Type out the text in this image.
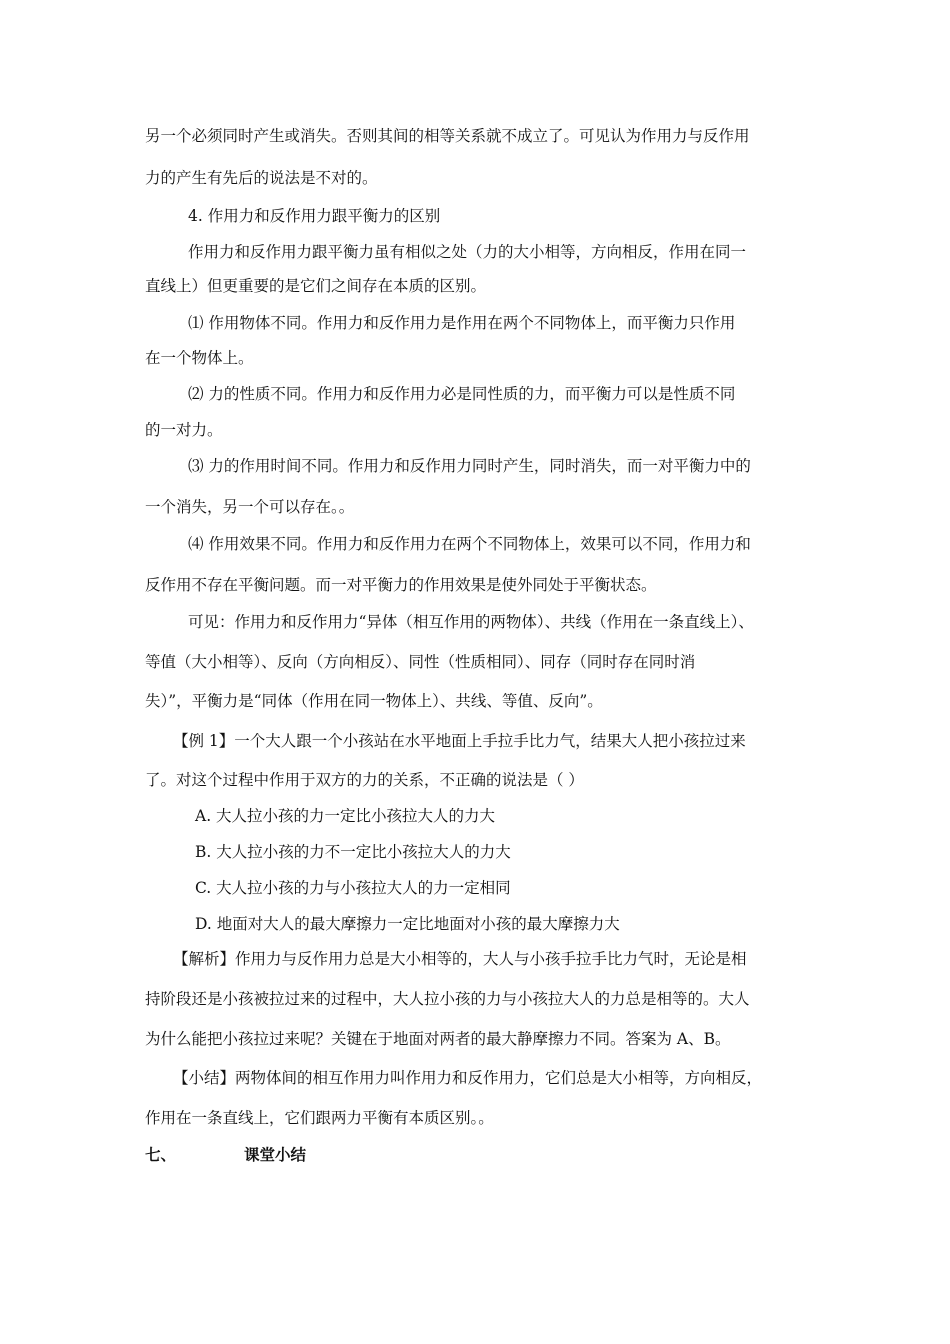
另一个必须同时产生或消失。否则其间的相等关系就不成立了。可见认为作用力与反作用
力的产生有先后的说法是不对的。
4. 作用力和反作用力跟平衡力的区别
作用力和反作用力跟平衡力虽有相似之处（力的大小相等，方向相反，作用在同一
直线上）但更重要的是它们之间存在本质的区别。
⑴ 作用物体不同。作用力和反作用力是作用在两个不同物体上，而平衡力只作用
在一个物体上。
⑵ 力的性质不同。作用力和反作用力必是同性质的力，而平衡力可以是性质不同
的一对力。
⑶ 力的作用时间不同。作用力和反作用力同时产生，同时消失，而一对平衡力中的
一个消失，另一个可以存在。。
⑷ 作用效果不同。作用力和反作用力在两个不同物体上，效果可以不同，作用力和
反作用不存在平衡问题。而一对平衡力的作用效果是使外同处于平衡状态。
可见：作用力和反作用力“异体（相互作用的两物体）、共线（作用在一条直线上）、
等值（大小相等）、反向（方向相反）、同性（性质相同）、同存（同时存在同时消
失）”，平衡力是“同体（作用在同一物体上）、共线、等值、反向”。
【例 1】一个大人跟一个小孩站在水平地面上手拉手比力气，结果大人把小孩拉过来
了。对这个过程中作用于双方的力的关系，不正确的说法是（ ）
A. 大人拉小孩的力一定比小孩拉大人的力大
B. 大人拉小孩的力不一定比小孩拉大人的力大
C. 大人拉小孩的力与小孩拉大人的力一定相同
D. 地面对大人的最大摩擦力一定比地面对小孩的最大摩擦力大
【解析】作用力与反作用力总是大小相等的，大人与小孩手拉手比力气时，无论是相
持阶段还是小孩被拉过来的过程中，大人拉小孩的力与小孩拉大人的力总是相等的。大人
为什么能把小孩拉过来呢？关键在于地面对两者的最大静摩擦力不同。答案为 A、B。
【小结】两物体间的相互作用力叫作用力和反作用力，它们总是大小相等，方向相反，
作用在一条直线上，它们跟两力平衡有本质区别。。
七、	课堂小结
